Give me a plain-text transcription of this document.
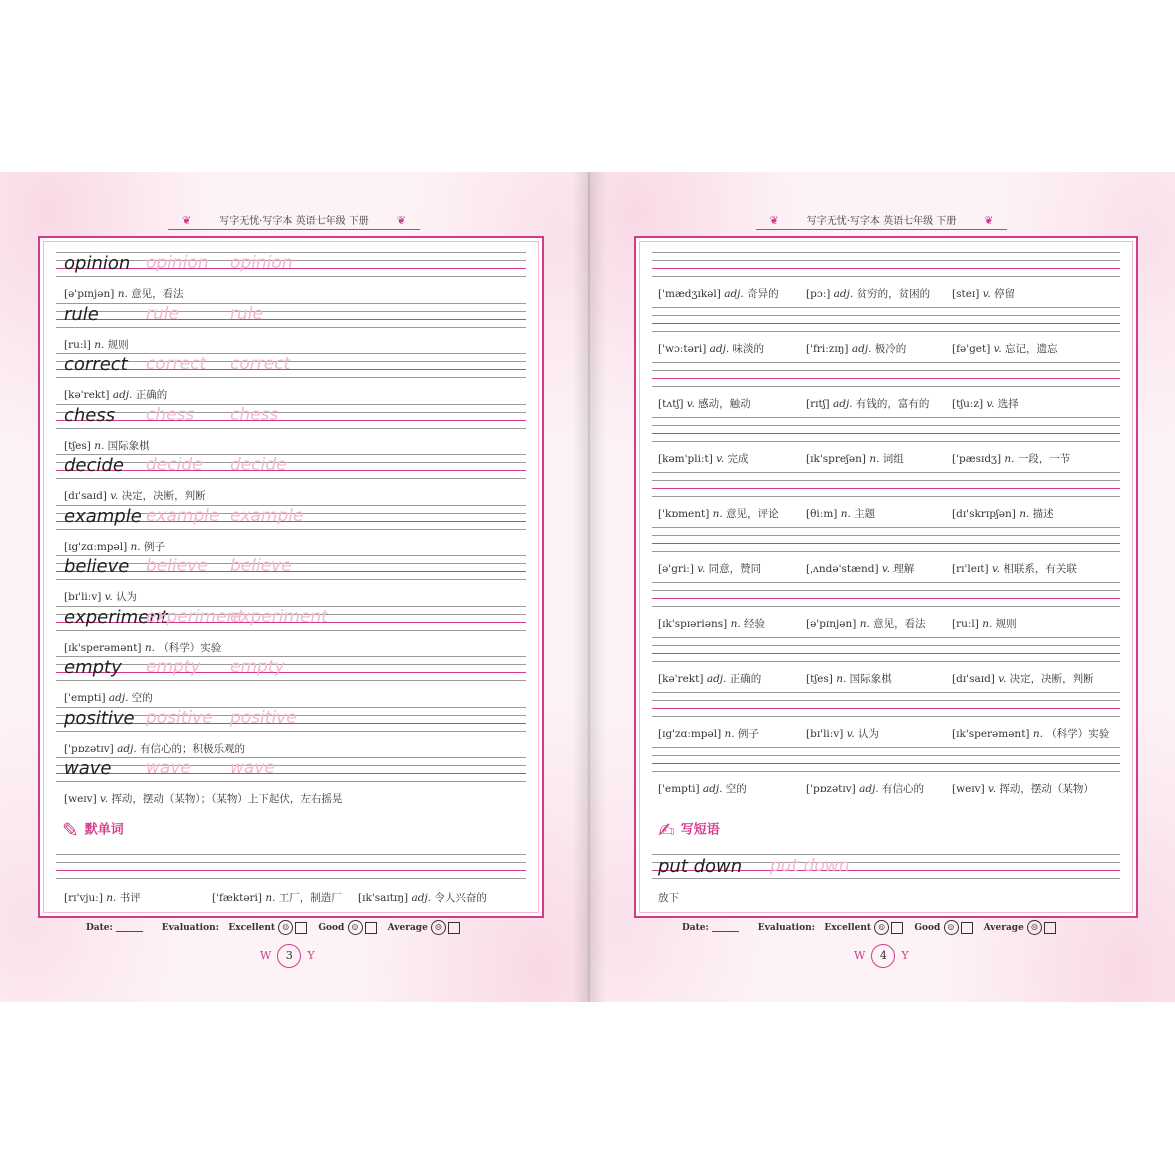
❦	写字无忧·写字本 英语七年级 下册	❦
opinion opinion opinion
[ə'pɪnjən] n. 意见，看法
rule	rule	rule
[ruːl] n. 规则
correct correct correct
[kə'rekt] adj. 正确的
chess chess chess
[tʃes] n. 国际象棋
decide decide decide
[dɪ'saɪd] v. 决定，决断，判断
example example example
[ɪg'zɑːmpəl] n. 例子
believe believe believe
[bɪ'liːv] v. 认为
experiment
experiment
experiment
[ɪk'sperəmənt] n. （科学）实验
empty empty empty
['empti] adj. 空的
positive positive positive
['pɒzətɪv] adj. 有信心的；积极乐观的
wave wave wave
[weɪv] v. 挥动，摆动（某物）；（某物）上下起伏，左右摇晃
✎ 默单词
[rɪ'vjuː] n. 书评	['fæktəri] n. 工厂，制造厂 [ɪk'saɪtɪŋ] adj. 令人兴奋的
Date: ______ Evaluation: Excellent ☺	Good ☺	Average ☹
W 3 Y
❦	写字无忧·写字本 英语七年级 下册	❦
['mædʒɪkəl] adj. 奇异的	[pɔː] adj. 贫穷的，贫困的 [steɪ] v. 停留
['wɔːtəri] adj. 味淡的	['friːzɪŋ] adj. 极冷的	[fə'get] v. 忘记，遗忘
[tʌtʃ] v. 感动，触动	[rɪtʃ] adj. 有钱的，富有的 [tʃuːz] v. 选择
[kəm'pliːt] v. 完成	[ɪk'spreʃən] n. 词组	['pæsɪdʒ] n. 一段，一节
['kɒment] n. 意见，评论	[θiːm] n. 主题	[dɪ'skrɪpʃən] n. 描述
[ə'griː] v. 同意，赞同	[ˌʌndə'stænd] v. 理解	[rɪ'leɪt] v. 相联系，有关联
[ɪk'spɪəriəns] n. 经验	[ə'pɪnjən] n. 意见，看法	[ruːl] n. 规则
[kə'rekt] adj. 正确的	[tʃes] n. 国际象棋	[dɪ'saɪd] v. 决定，决断，判断
[ɪg'zɑːmpəl] n. 例子	[bɪ'liːv] v. 认为	[ɪk'sperəmənt] n. （科学）实验
['empti] adj. 空的	['pɒzətɪv] adj. 有信心的	[weɪv] v. 挥动，摆动（某物）
✍ 写短语
put down put down
放下
Date: ______ Evaluation: Excellent ☺	Good ☺	Average ☹
W 4 Y
